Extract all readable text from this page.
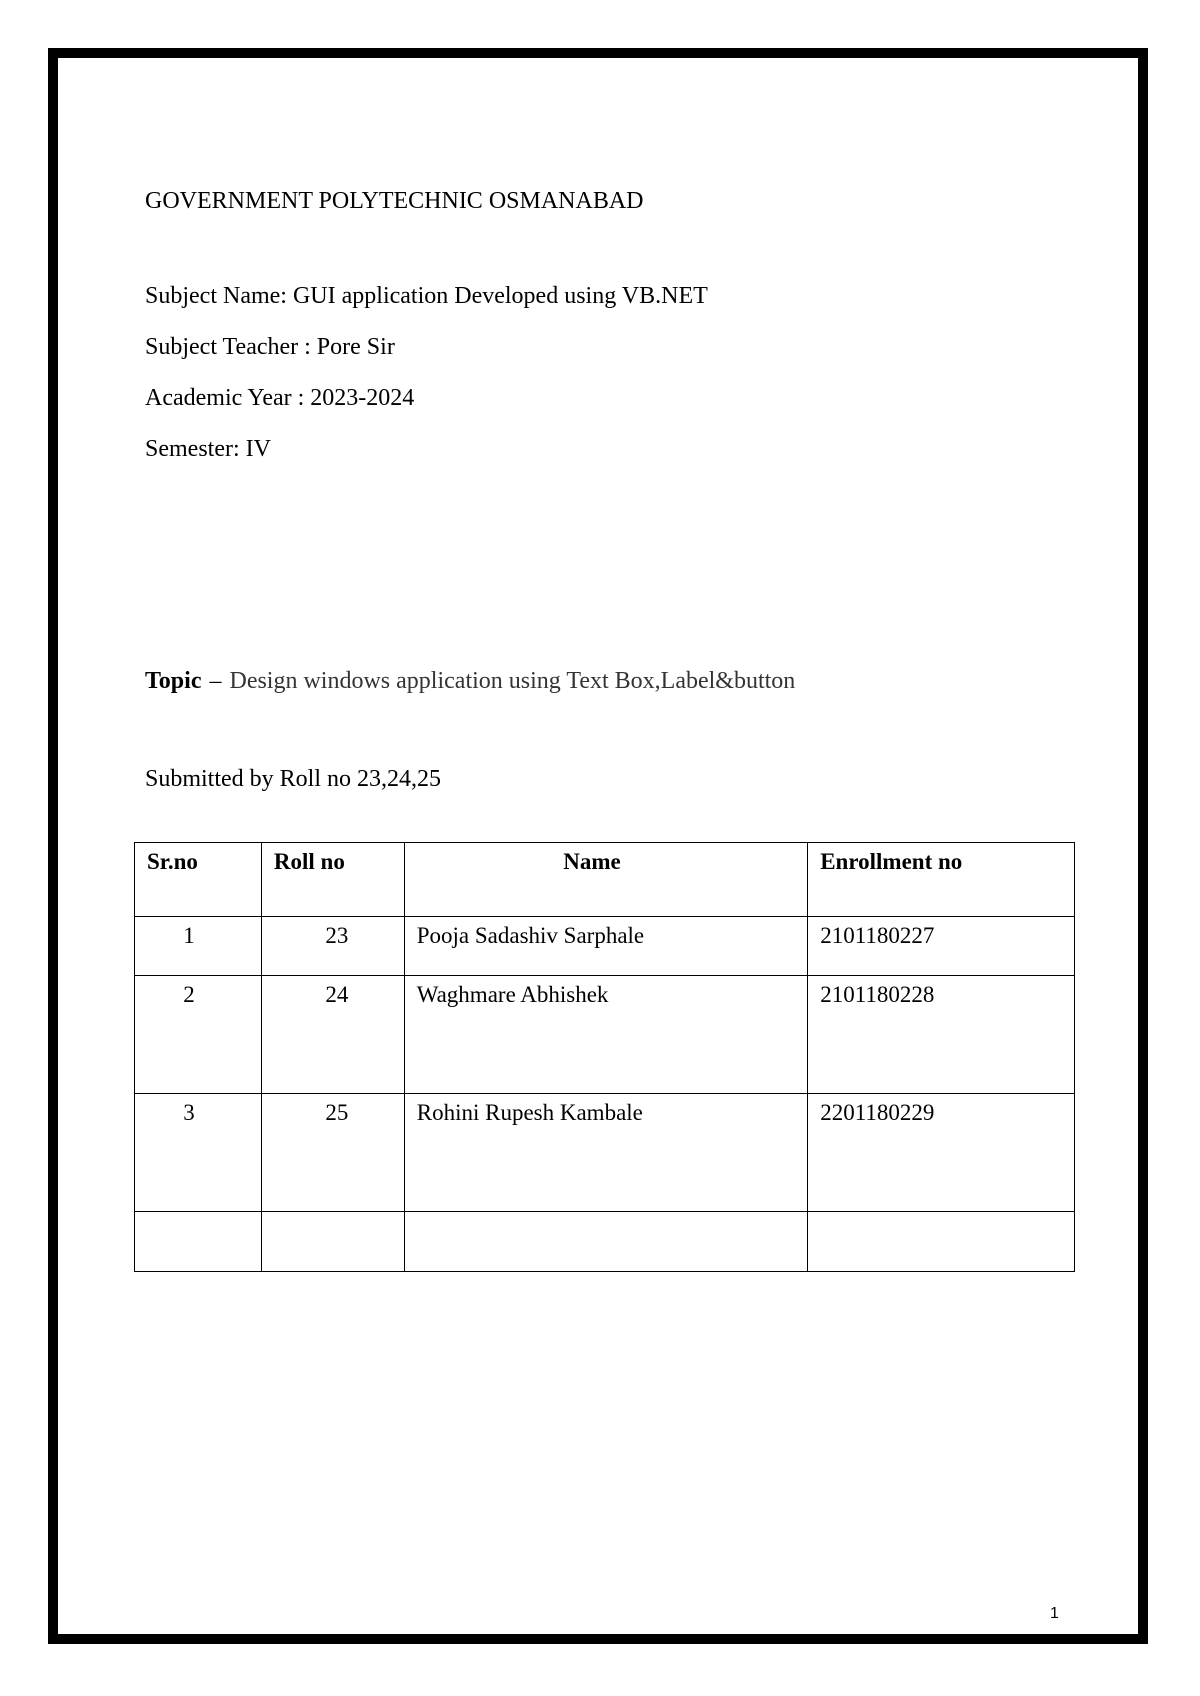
GOVERNMENT POLYTECHNIC OSMANABAD
Subject Name: GUI application Developed using VB.NET
Subject Teacher : Pore Sir
Academic Year : 2023-2024
Semester: IV
Topic – Design windows application using Text Box,Label&button
Submitted by Roll no 23,24,25
Sr.no	Roll no	Name	Enrollment no
1	23	Pooja Sadashiv Sarphale	2101180227
2	24	Waghmare Abhishek	2101180228
3	25	Rohini Rupesh Kambale	2201180229

1
